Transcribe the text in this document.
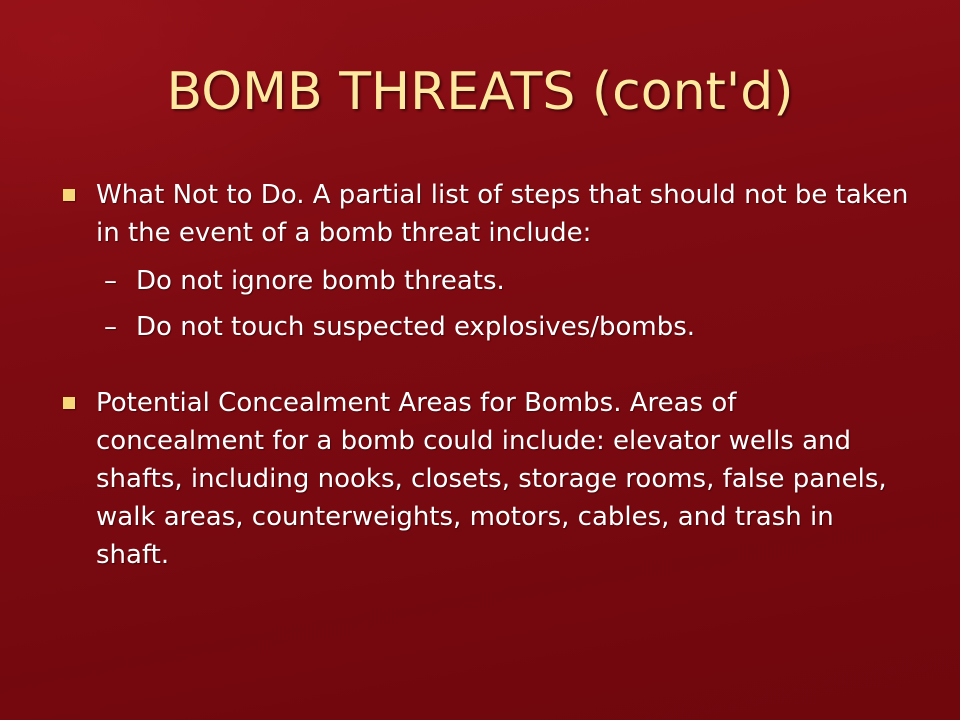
BOMB THREATS (cont'd)
What Not to Do. A partial list of steps that should not be taken in the event of a bomb threat include:
– Do not ignore bomb threats.
– Do not touch suspected explosives/bombs.
Potential Concealment Areas for Bombs. Areas of concealment for a bomb could include: elevator wells and shafts, including nooks, closets, storage rooms, false panels, walk areas, counterweights, motors, cables, and trash in shaft.
